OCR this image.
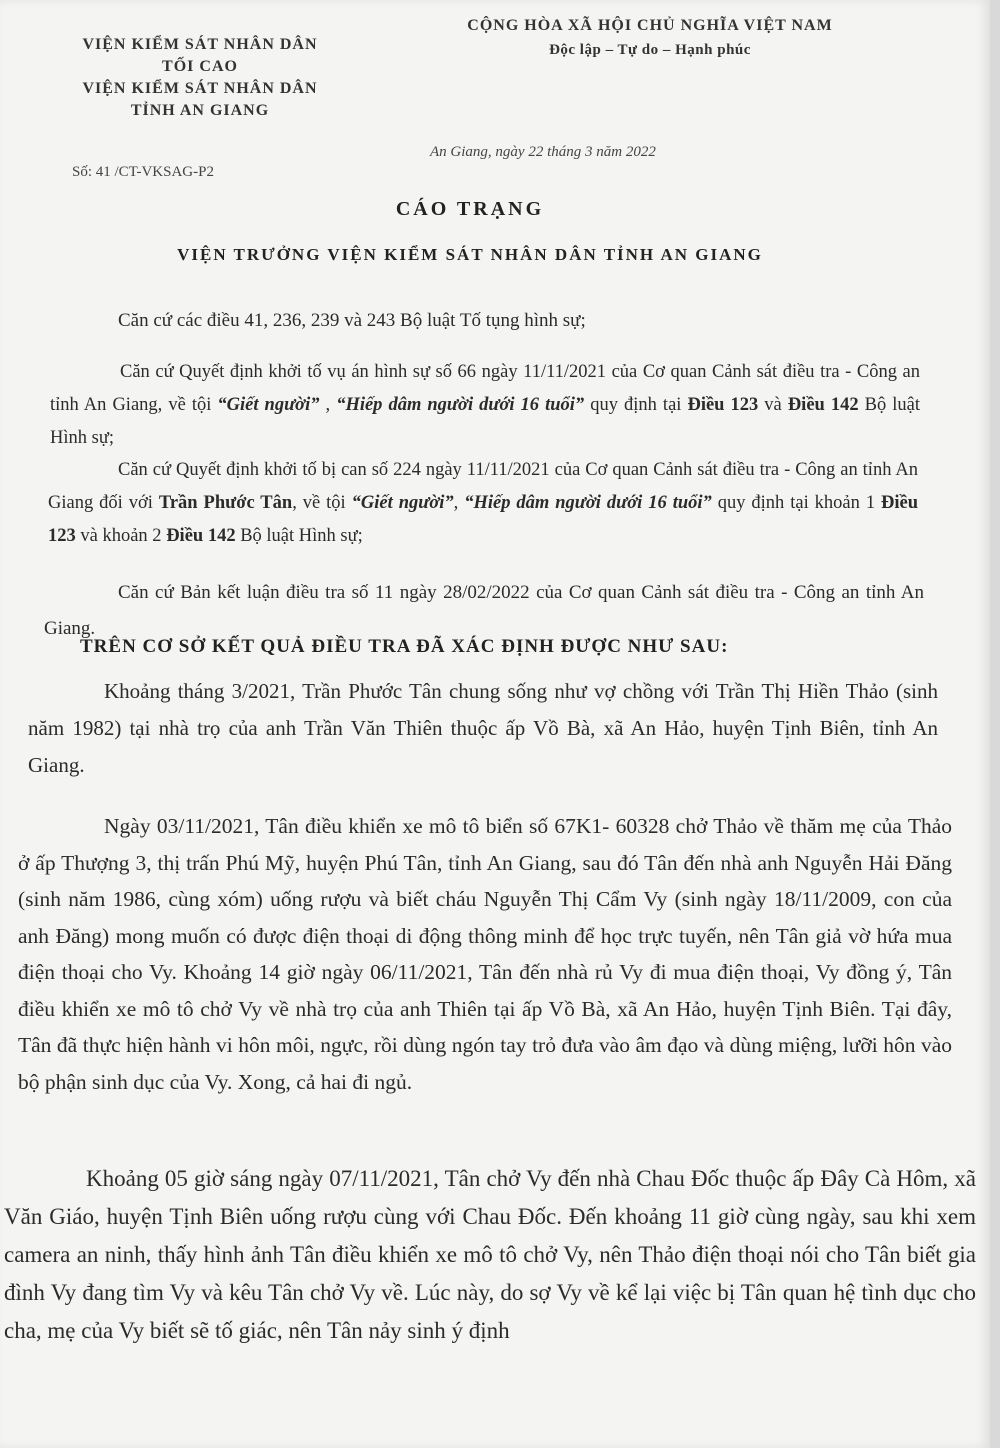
VIỆN KIỂM SÁT NHÂN DÂN
TỐI CAO
VIỆN KIỂM SÁT NHÂN DÂN
TỈNH AN GIANG
CỘNG HÒA XÃ HỘI CHỦ NGHĨA VIỆT NAM
Độc lập – Tự do – Hạnh phúc
Số: 41 /CT-VKSAG-P2
An Giang, ngày 22 tháng 3 năm 2022
CÁO TRẠNG
VIỆN TRƯỞNG VIỆN KIỂM SÁT NHÂN DÂN TỈNH AN GIANG
Căn cứ các điều 41, 236, 239 và 243 Bộ luật Tố tụng hình sự;
Căn cứ Quyết định khởi tố vụ án hình sự số 66 ngày 11/11/2021 của Cơ quan Cảnh sát điều tra - Công an tỉnh An Giang, về tội “Giết người” , “Hiếp dâm người dưới 16 tuổi” quy định tại Điều 123 và Điều 142 Bộ luật Hình sự;
Căn cứ Quyết định khởi tố bị can số 224 ngày 11/11/2021 của Cơ quan Cảnh sát điều tra - Công an tỉnh An Giang đối với Trần Phước Tân, về tội “Giết người”, “Hiếp dâm người dưới 16 tuổi” quy định tại khoản 1 Điều 123 và khoản 2 Điều 142 Bộ luật Hình sự;
Căn cứ Bản kết luận điều tra số 11 ngày 28/02/2022 của Cơ quan Cảnh sát điều tra - Công an tỉnh An Giang.
TRÊN CƠ SỞ KẾT QUẢ ĐIỀU TRA ĐÃ XÁC ĐỊNH ĐƯỢC NHƯ SAU:
Khoảng tháng 3/2021, Trần Phước Tân chung sống như vợ chồng với Trần Thị Hiền Thảo (sinh năm 1982) tại nhà trọ của anh Trần Văn Thiên thuộc ấp Vồ Bà, xã An Hảo, huyện Tịnh Biên, tỉnh An Giang.
Ngày 03/11/2021, Tân điều khiển xe mô tô biển số 67K1- 60328 chở Thảo về thăm mẹ của Thảo ở ấp Thượng 3, thị trấn Phú Mỹ, huyện Phú Tân, tỉnh An Giang, sau đó Tân đến nhà anh Nguyễn Hải Đăng (sinh năm 1986, cùng xóm) uống rượu và biết cháu Nguyễn Thị Cẩm Vy (sinh ngày 18/11/2009, con của anh Đăng) mong muốn có được điện thoại di động thông minh để học trực tuyến, nên Tân giả vờ hứa mua điện thoại cho Vy. Khoảng 14 giờ ngày 06/11/2021, Tân đến nhà rủ Vy đi mua điện thoại, Vy đồng ý, Tân điều khiển xe mô tô chở Vy về nhà trọ của anh Thiên tại ấp Vồ Bà, xã An Hảo, huyện Tịnh Biên. Tại đây, Tân đã thực hiện hành vi hôn môi, ngực, rồi dùng ngón tay trỏ đưa vào âm đạo và dùng miệng, lưỡi hôn vào bộ phận sinh dục của Vy. Xong, cả hai đi ngủ.
Khoảng 05 giờ sáng ngày 07/11/2021, Tân chở Vy đến nhà Chau Đốc thuộc ấp Đây Cà Hôm, xã Văn Giáo, huyện Tịnh Biên uống rượu cùng với Chau Đốc. Đến khoảng 11 giờ cùng ngày, sau khi xem camera an ninh, thấy hình ảnh Tân điều khiển xe mô tô chở Vy, nên Thảo điện thoại nói cho Tân biết gia đình Vy đang tìm Vy và kêu Tân chở Vy về. Lúc này, do sợ Vy về kể lại việc bị Tân quan hệ tình dục cho cha, mẹ của Vy biết sẽ tố giác, nên Tân nảy sinh ý định
